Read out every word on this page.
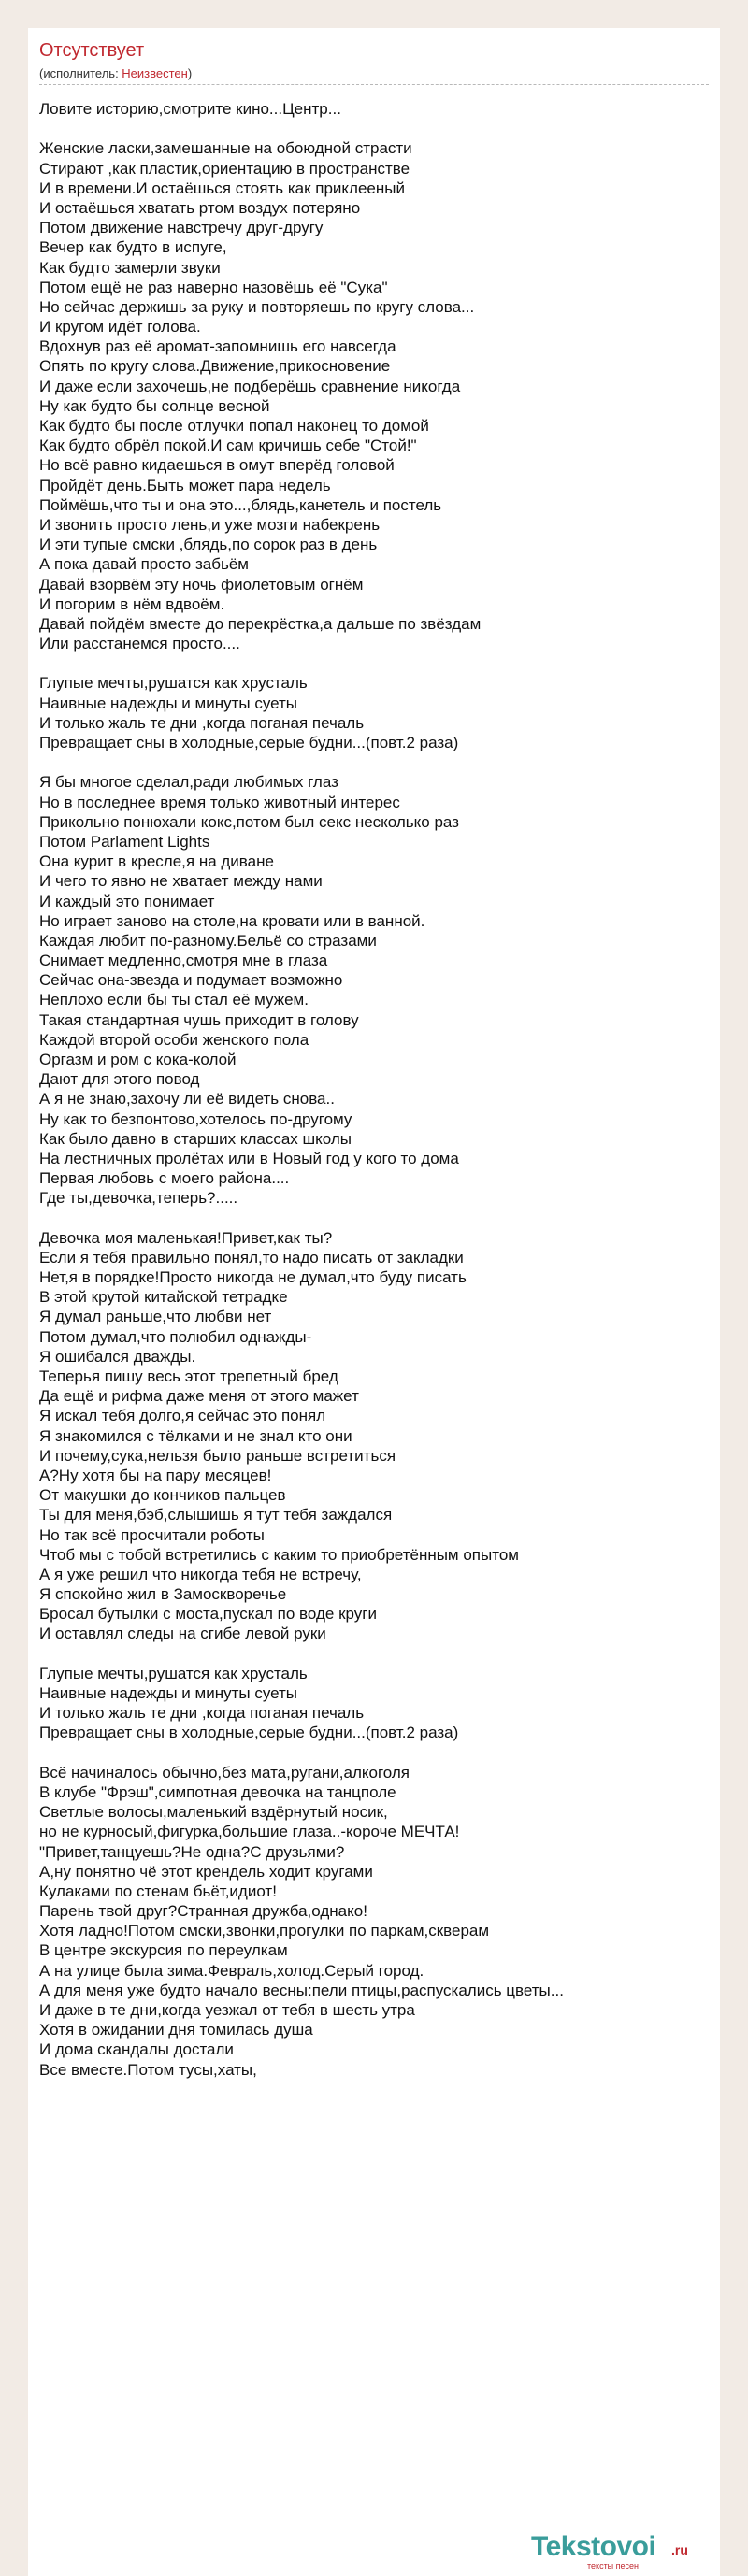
Отсутствует
(исполнитель: Неизвестен)
Ловите историю,смотрите кино...Центр...
Женские ласки,замешанные на обоюдной страсти
Стирают ,как пластик,ориентацию в пространстве
И в времени.И остаёшься стоять как приклееный
И остаёшься хватать ртом воздух потеряно
Потом движение навстречу друг-другу
Вечер как будто в испуге,
Как будто замерли звуки
Потом ещё не раз наверно назовёшь её "Сука"
Но сейчас держишь за руку и повторяешь по кругу слова...
И кругом идёт голова.
Вдохнув раз её аромат-запомнишь его навсегда
Опять по кругу слова.Движение,прикосновение
И даже если захочешь,не подберёшь сравнение никогда
Ну как будто бы солнце весной
Как будто бы после отлучки попал наконец то домой
Как будто обрёл покой.И сам кричишь себе "Стой!"
Но всё равно кидаешься в омут вперёд головой
Пройдёт день.Быть может пара недель
Поймёшь,что ты и она это...,блядь,канетель и постель
И звонить просто лень,и уже мозги набекрень
И эти тупые смски ,блядь,по сорок раз в день
А пока давай просто забьём
Давай взорвём эту ночь фиолетовым огнём
И погорим в нём вдвоём.
Давай пойдём вместе до перекрёстка,а дальше по звёздам
Или расстанемся просто....
Глупые мечты,рушатся как хрусталь
Наивные надежды и минуты суеты
И только жаль те дни ,когда поганая печаль
Превращает сны в холодные,серые будни...(повт.2 раза)
Я бы многое сделал,ради любимых глаз
Но в последнее время только животный интерес
Прикольно понюхали кокс,потом был секс несколько раз
Потом Parlament Lights
Она курит в кресле,я на диване
И чего то явно не хватает между нами
И каждый это понимает
Но играет заново на столе,на кровати или в ванной.
Каждая любит по-разному.Бельё со стразами
Снимает медленно,смотря мне в глаза
Сейчас она-звезда и подумает возможно
Неплохо если бы ты стал её мужем.
Такая стандартная чушь приходит в голову
Каждой второй особи женского пола
Оргазм и ром с кока-колой
Дают для этого повод
А я не знаю,захочу ли её видеть снова..
Ну как то безпонтово,хотелось по-другому
Как было давно в старших классах школы
На лестничных пролётах или в Новый год у кого то дома
Первая любовь с моего района....
Где ты,девочка,теперь?.....
Девочка моя маленькая!Привет,как ты?
Если я тебя правильно понял,то надо писать от закладки
Нет,я в порядке!Просто никогда не думал,что буду писать
В этой крутой китайской тетрадке
Я думал раньше,что любви нет
Потом думал,что полюбил однажды-
Я ошибался дважды.
Теперья пишу весь этот трепетный бред
Да ещё и рифма даже меня от этого мажет
Я искал тебя долго,я сейчас это понял
Я знакомился с тёлками и не знал кто они
И почему,сука,нельзя было раньше встретиться
А?Ну хотя бы на пару месяцев!
От макушки до кончиков пальцев
Ты для меня,бэб,слышишь я тут тебя заждался
Но так всё просчитали роботы
Чтоб мы с тобой встретились с каким то приобретённым опытом
А я уже решил что никогда тебя не встречу,
Я спокойно жил в Замоскворечье
Бросал бутылки с моста,пускал по воде круги
И оставлял следы на сгибе левой руки
Глупые мечты,рушатся как хрусталь
Наивные надежды и минуты суеты
И только жаль те дни ,когда поганая печаль
Превращает сны в холодные,серые будни...(повт.2 раза)
Всё начиналось обычно,без мата,ругани,алкоголя
В клубе "Фрэш",симпотная девочка на танцполе
Светлые волосы,маленький вздёрнутый носик,
но не курносый,фигурка,большие глаза..-короче МЕЧТА!
"Привет,танцуешь?Не одна?С друзьями?
А,ну понятно чё этот крендель ходит кругами
Кулаками по стенам бьёт,идиот!
Парень твой друг?Странная дружба,однако!
Хотя ладно!Потом смски,звонки,прогулки по паркам,скверам
В центре экскурсия по переулкам
А на улице была зима.Февраль,холод.Серый город.
А для меня уже будто начало весны:пели птицы,распускались цветы...
И даже в те дни,когда уезжал от тебя в шесть утра
Хотя в ожидании дня томилась душа
И дома скандалы достали
Все вместе.Потом тусы,хаты,
Tekstovoi .ru
тексты песен
